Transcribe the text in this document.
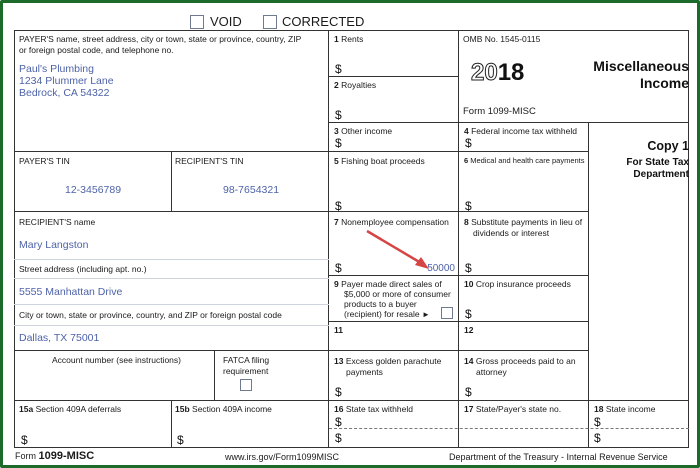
VOID	CORRECTED
PAYER'S name, street address, city or town, state or province, country, ZIP
or foreign postal code, and telephone no.
Paul's Plumbing
1234 Plummer Lane
Bedrock, CA 54322
PAYER'S TIN
12-3456789
RECIPIENT'S TIN
98-7654321
RECIPIENT'S name
Mary Langston
Street address (including apt. no.)
5555 Manhattan Drive
City or town, state or province, country, and ZIP or foreign postal code
Dallas, TX 75001
Account number (see instructions)	FATCA filing
requirement
15a Section 409A deferrals
$
15b Section 409A income
$
1 Rents
$
2 Royalties
$
OMB No. 1545-0115
2018
Form 1099-MISC
Miscellaneous
Income
Copy 1
For State Tax
Department
3 Other income
$
4 Federal income tax withheld
$
5 Fishing boat proceeds
$
6 Medical and health care payments
$
7 Nonemployee compensation
$	50000
8 Substitute payments in lieu of
dividends or interest
$
9 Payer made direct sales of
$5,000 or more of consumer
products to a buyer
(recipient) for resale ►
10 Crop insurance proceeds
$
11	12
13 Excess golden parachute
payments
$
14 Gross proceeds paid to an
attorney
$
16 State tax withheld
$
$
17 State/Payer's state no.	18 State income
$
$
Form 1099-MISC	www.irs.gov/Form1099MISC	Department of the Treasury - Internal Revenue Service
